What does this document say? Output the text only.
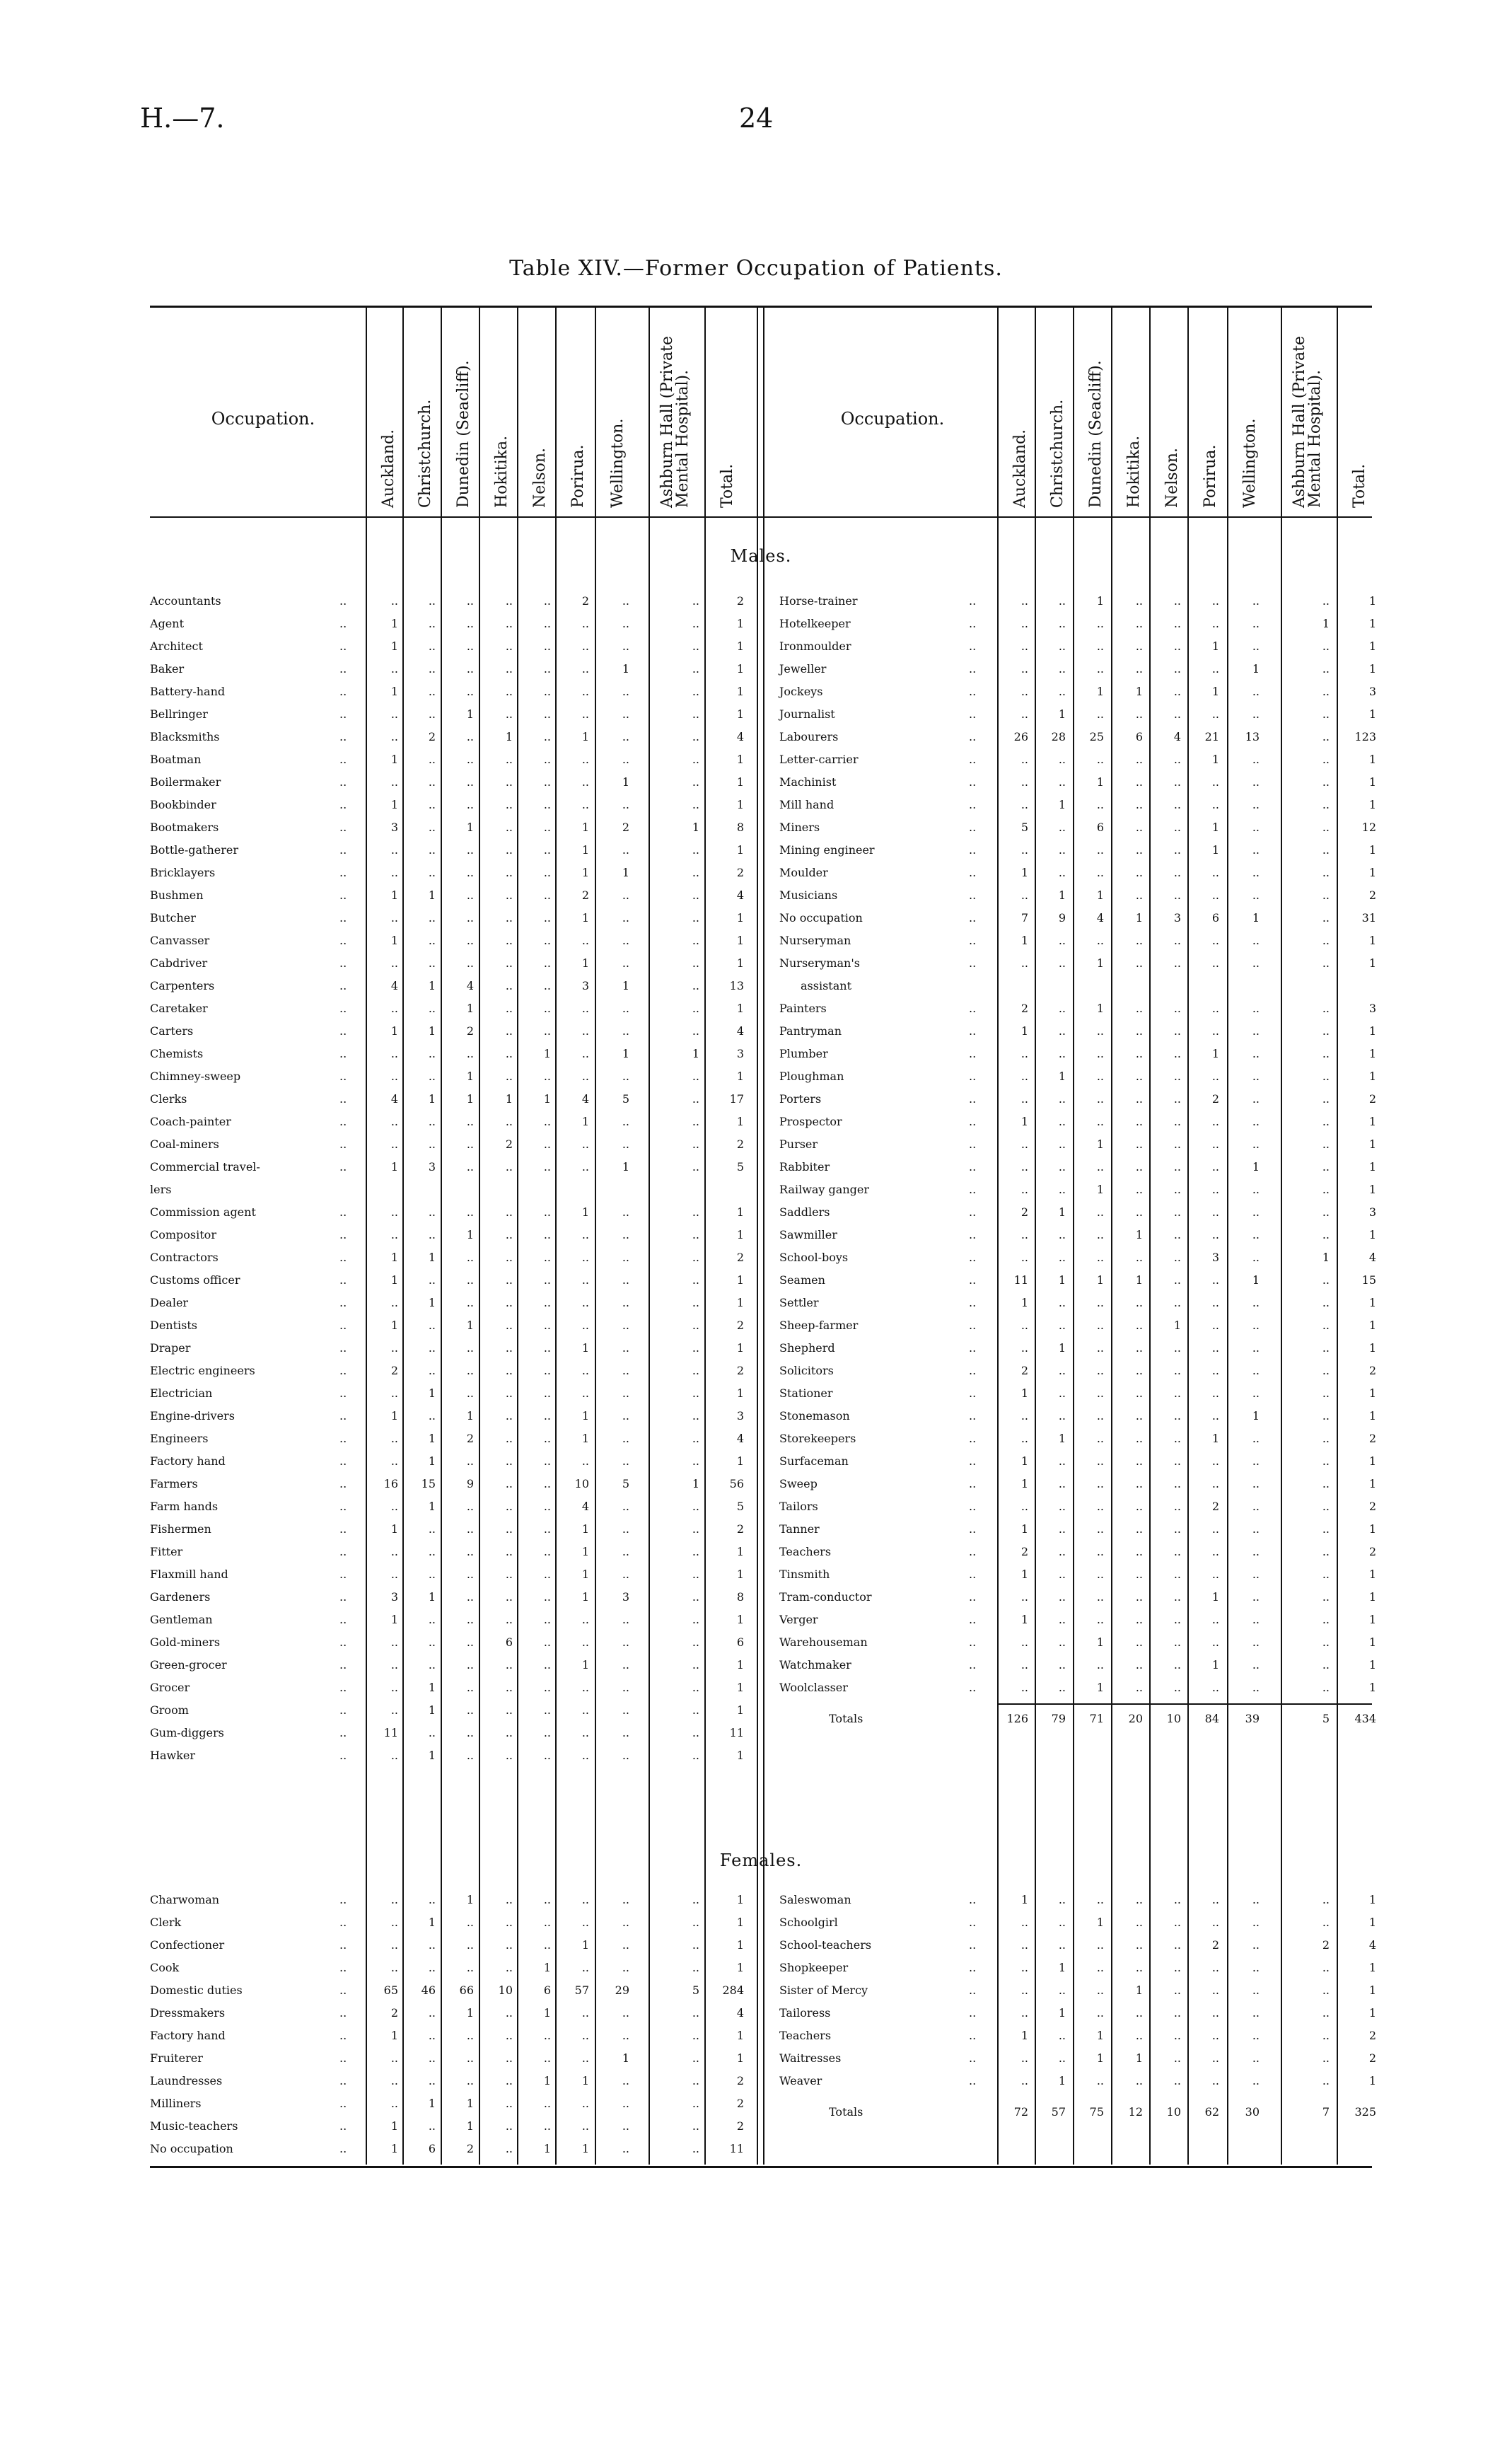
H.—7.	24
Table XIV.—Former Occupation of Patients.
Occupation.
Auckland. Christchurch. Dunedin (Seacliff). Hokitika. Nelson. Porirua. Wellington. Ashburn Hall (Private
Mental Hospital).
Total.
Occupation.
Auckland. Christchurch. Dunedin (Seacliff). Hokitika. Nelson. Porirua. Wellington. Ashburn Hall (Private
Mental Hospital).
Total.
Males.
Females.
Accountants	..	..	..	..	..	..	2	..	..	2
Agent	..	1	..	..	..	..	..	..	..	1
Architect	..	1	..	..	..	..	..	..	..	1
Baker	..	..	..	..	..	..	..	1	..	1
Battery-hand	..	1	..	..	..	..	..	..	..	1
Bellringer	..	..	..	1	..	..	..	..	..	1
Blacksmiths	..	..	2	..	1	..	1	..	..	4
Boatman	..	1	..	..	..	..	..	..	..	1
Boilermaker	..	..	..	..	..	..	..	1	..	1
Bookbinder	..	1	..	..	..	..	..	..	..	1
Bootmakers	..	3	..	1	..	..	1	2	1	8
Bottle-gatherer	..	..	..	..	..	..	1	..	..	1
Bricklayers	..	..	..	..	..	..	1	1	..	2
Bushmen	..	1	1	..	..	..	2	..	..	4
Butcher	..	..	..	..	..	..	1	..	..	1
Canvasser	..	1	..	..	..	..	..	..	..	1
Cabdriver	..	..	..	..	..	..	1	..	..	1
Carpenters	..	4	1	4	..	..	3	1	..	13
Caretaker	..	..	..	1	..	..	..	..	..	1
Carters	..	1	1	2	..	..	..	..	..	4
Chemists	..	..	..	..	..	1	..	1	1	3
Chimney-sweep	..	..	..	1	..	..	..	..	..	1
Clerks	..	4	1	1	1	1	4	5	..	17
Coach-painter	..	..	..	..	..	..	1	..	..	1
Coal-miners	..	..	..	..	2	..	..	..	..	2
Commercial travel-	..	1	3	..	..	..	..	1	..	5
lers
Commission agent	..	..	..	..	..	..	1	..	..	1
Compositor	..	..	..	1	..	..	..	..	..	1
Contractors	..	1	1	..	..	..	..	..	..	2
Customs officer	..	1	..	..	..	..	..	..	..	1
Dealer	..	..	1	..	..	..	..	..	..	1
Dentists	..	1	..	1	..	..	..	..	..	2
Draper	..	..	..	..	..	..	1	..	..	1
Electric engineers	..	2	..	..	..	..	..	..	..	2
Electrician	..	..	1	..	..	..	..	..	..	1
Engine-drivers	..	1	..	1	..	..	1	..	..	3
Engineers	..	..	1	2	..	..	1	..	..	4
Factory hand	..	..	1	..	..	..	..	..	..	1
Farmers	..	16	15	9	..	..	10	5	1	56
Farm hands	..	..	1	..	..	..	4	..	..	5
Fishermen	..	1	..	..	..	..	1	..	..	2
Fitter	..	..	..	..	..	..	1	..	..	1
Flaxmill hand	..	..	..	..	..	..	1	..	..	1
Gardeners	..	3	1	..	..	..	1	3	..	8
Gentleman	..	1	..	..	..	..	..	..	..	1
Gold-miners	..	..	..	..	6	..	..	..	..	6
Green-grocer	..	..	..	..	..	..	1	..	..	1
Grocer	..	..	1	..	..	..	..	..	..	1
Groom	..	..	1	..	..	..	..	..	..	1
Gum-diggers	..	11	..	..	..	..	..	..	..	11
Hawker	..	..	1	..	..	..	..	..	..	1
Horse-trainer	..	..	..	1	..	..	..	..	..	1
Hotelkeeper	..	..	..	..	..	..	..	..	1	1
Ironmoulder	..	..	..	..	..	..	1	..	..	1
Jeweller	..	..	..	..	..	..	..	1	..	1
Jockeys	..	..	..	1	1	..	1	..	..	3
Journalist	..	..	1	..	..	..	..	..	..	1
Labourers	..	26	28	25	6	4	21	13	..	123
Letter-carrier	..	..	..	..	..	..	1	..	..	1
Machinist	..	..	..	1	..	..	..	..	..	1
Mill hand	..	..	1	..	..	..	..	..	..	1
Miners	..	5	..	6	..	..	1	..	..	12
Mining engineer	..	..	..	..	..	..	1	..	..	1
Moulder	..	1	..	..	..	..	..	..	..	1
Musicians	..	..	1	1	..	..	..	..	..	2
No occupation	..	7	9	4	1	3	6	1	..	31
Nurseryman	..	1	..	..	..	..	..	..	..	1
Nurseryman's	..	..	..	1	..	..	..	..	..	1
assistant
Painters	..	2	..	1	..	..	..	..	..	3
Pantryman	..	1	..	..	..	..	..	..	..	1
Plumber	..	..	..	..	..	..	1	..	..	1
Ploughman	..	..	1	..	..	..	..	..	..	1
Porters	..	..	..	..	..	..	2	..	..	2
Prospector	..	1	..	..	..	..	..	..	..	1
Purser	..	..	..	1	..	..	..	..	..	1
Rabbiter	..	..	..	..	..	..	..	1	..	1
Railway ganger	..	..	..	1	..	..	..	..	..	1
Saddlers	..	2	1	..	..	..	..	..	..	3
Sawmiller	..	..	..	..	1	..	..	..	..	1
School-boys	..	..	..	..	..	..	3	..	1	4
Seamen	..	11	1	1	1	..	..	1	..	15
Settler	..	1	..	..	..	..	..	..	..	1
Sheep-farmer	..	..	..	..	..	1	..	..	..	1
Shepherd	..	..	1	..	..	..	..	..	..	1
Solicitors	..	2	..	..	..	..	..	..	..	2
Stationer	..	1	..	..	..	..	..	..	..	1
Stonemason	..	..	..	..	..	..	..	1	..	1
Storekeepers	..	..	1	..	..	..	1	..	..	2
Surfaceman	..	1	..	..	..	..	..	..	..	1
Sweep	..	1	..	..	..	..	..	..	..	1
Tailors	..	..	..	..	..	..	2	..	..	2
Tanner	..	1	..	..	..	..	..	..	..	1
Teachers	..	2	..	..	..	..	..	..	..	2
Tinsmith	..	1	..	..	..	..	..	..	..	1
Tram-conductor	..	..	..	..	..	..	1	..	..	1
Verger	..	1	..	..	..	..	..	..	..	1
Warehouseman	..	..	..	1	..	..	..	..	..	1
Watchmaker	..	..	..	..	..	..	1	..	..	1
Woolclasser	..	..	..	1	..	..	..	..	..	1
Totals	126	79	71	20	10	84	39	5	434
Charwoman	..	..	..	1	..	..	..	..	..	1
Clerk	..	..	1	..	..	..	..	..	..	1
Confectioner	..	..	..	..	..	..	1	..	..	1
Cook	..	..	..	..	..	1	..	..	..	1
Domestic duties	..	65	46	66	10	6	57	29	5	284
Dressmakers	..	2	..	1	..	1	..	..	..	4
Factory hand	..	1	..	..	..	..	..	..	..	1
Fruiterer	..	..	..	..	..	..	..	1	..	1
Laundresses	..	..	..	..	..	1	1	..	..	2
Milliners	..	..	1	1	..	..	..	..	..	2
Music-teachers	..	1	..	1	..	..	..	..	..	2
No occupation	..	1	6	2	..	1	1	..	..	11
Saleswoman	..	1	..	..	..	..	..	..	..	1
Schoolgirl	..	..	..	1	..	..	..	..	..	1
School-teachers	..	..	..	..	..	..	2	..	2	4
Shopkeeper	..	..	1	..	..	..	..	..	..	1
Sister of Mercy	..	..	..	..	1	..	..	..	..	1
Tailoress	..	..	1	..	..	..	..	..	..	1
Teachers	..	1	..	1	..	..	..	..	..	2
Waitresses	..	..	..	1	1	..	..	..	..	2
Weaver	..	..	1	..	..	..	..	..	..	1
Totals	72	57	75	12	10	62	30	7	325
